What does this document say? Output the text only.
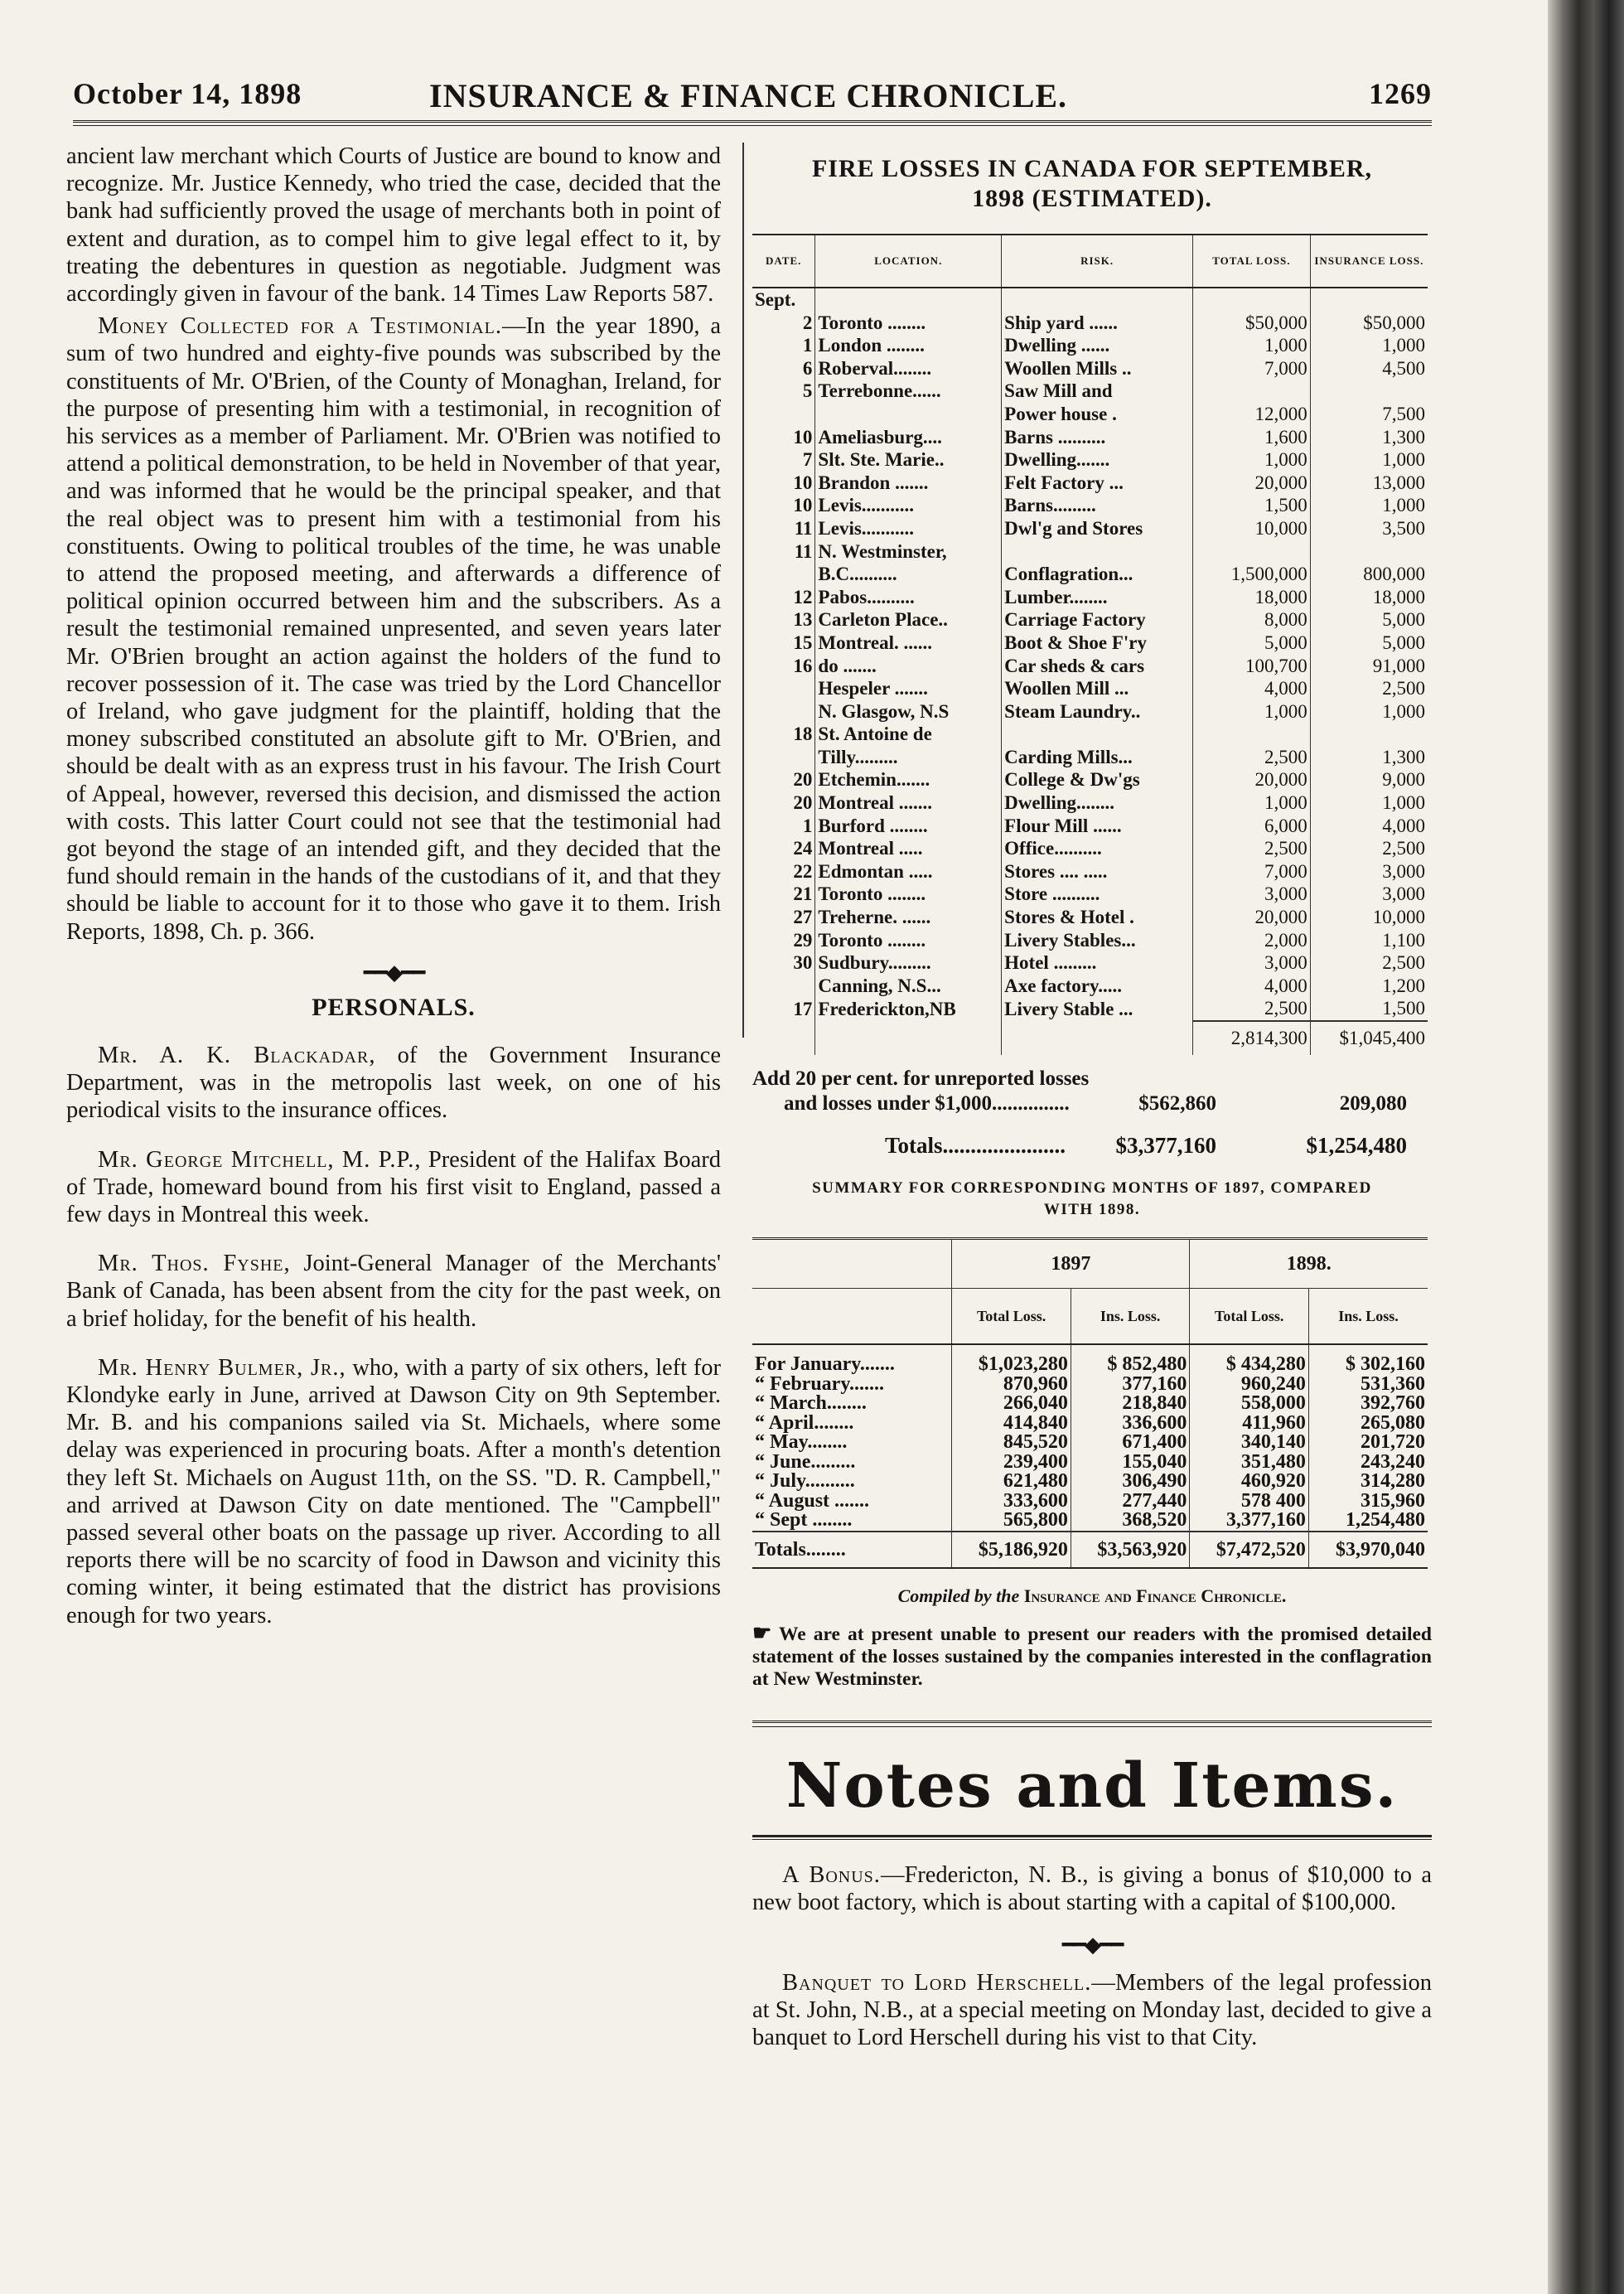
October 14, 1898	INSURANCE & FINANCE CHRONICLE.	1269

ancient law merchant which Courts of Justice are bound to know and recognize. Mr. Justice Kennedy, who tried the case, decided that the bank had sufficiently proved the usage of merchants both in point of extent and duration, as to compel him to give legal effect to it, by treating the debentures in question as negotiable. Judgment was accordingly given in favour of the bank. 14 Times Law Reports 587.

Money Collected for a Testimonial.—In the year 1890, a sum of two hundred and eighty-five pounds was subscribed by the constituents of Mr. O'Brien, of the County of Monaghan, Ireland, for the purpose of presenting him with a testimonial, in recognition of his services as a member of Parliament. Mr. O'Brien was notified to attend a political demonstration, to be held in November of that year, and was informed that he would be the principal speaker, and that the real object was to present him with a testimonial from his constituents. Owing to political troubles of the time, he was unable to attend the proposed meeting, and afterwards a difference of political opinion occurred between him and the subscribers. As a result the testimonial remained unpresented, and seven years later Mr. O'Brien brought an action against the holders of the fund to recover possession of it. The case was tried by the Lord Chancellor of Ireland, who gave judgment for the plaintiff, holding that the money subscribed constituted an absolute gift to Mr. O'Brien, and should be dealt with as an express trust in his favour. The Irish Court of Appeal, however, reversed this decision, and dismissed the action with costs. This latter Court could not see that the testimonial had got beyond the stage of an intended gift, and they decided that the fund should remain in the hands of the custodians of it, and that they should be liable to account for it to those who gave it to them. Irish Reports, 1898, Ch. p. 366.

━━◆━━
PERSONALS.

Mr. A. K. Blackadar, of the Government Insurance Department, was in the metropolis last week, on one of his periodical visits to the insurance offices.

Mr. George Mitchell, M. P.P., President of the Halifax Board of Trade, homeward bound from his first visit to England, passed a few days in Montreal this week.

Mr. Thos. Fyshe, Joint-General Manager of the Merchants' Bank of Canada, has been absent from the city for the past week, on a brief holiday, for the benefit of his health.

Mr. Henry Bulmer, Jr., who, with a party of six others, left for Klondyke early in June, arrived at Dawson City on 9th September. Mr. B. and his companions sailed via St. Michaels, where some delay was experienced in procuring boats. After a month's detention they left St. Michaels on August 11th, on the SS. "D. R. Campbell," and arrived at Dawson City on date mentioned. The "Campbell" passed several other boats on the passage up river. According to all reports there will be no scarcity of food in Dawson and vicinity this coming winter, it being estimated that the district has provisions enough for two years.

FIRE LOSSES IN CANADA FOR SEPTEMBER,
1898 (ESTIMATED).
DATE.	LOCATION.	RISK.	TOTAL LOSS.	INSURANCE LOSS.
Sept.				
2	Toronto ........	Ship yard ......	$50,000	$50,000
1	London ........	Dwelling ......	1,000	1,000
6	Roberval........	Woollen Mills ..	7,000	4,500
5	Terrebonne......	Saw Mill and		
		Power house .	12,000	7,500
10	Ameliasburg....	Barns ..........	1,600	1,300
7	Slt. Ste. Marie..	Dwelling.......	1,000	1,000
10	Brandon .......	Felt Factory ...	20,000	13,000
10	Levis...........	Barns.........	1,500	1,000
11	Levis...........	Dwl'g and Stores	10,000	3,500
11	N. Westminster,			
	B.C..........	Conflagration...	1,500,000	800,000
12	Pabos..........	Lumber........	18,000	18,000
13	Carleton Place..	Carriage Factory	8,000	5,000
15	Montreal. ......	Boot & Shoe F'ry	5,000	5,000
16	do .......	Car sheds & cars	100,700	91,000
	Hespeler .......	Woollen Mill ...	4,000	2,500
	N. Glasgow, N.S	Steam Laundry..	1,000	1,000
18	St. Antoine de			
	Tilly.........	Carding Mills...	2,500	1,300
20	Etchemin.......	College & Dw'gs	20,000	9,000
20	Montreal .......	Dwelling........	1,000	1,000
1	Burford ........	Flour Mill ......	6,000	4,000
24	Montreal .....	Office..........	2,500	2,500
22	Edmontan .....	Stores .... .....	7,000	3,000
21	Toronto ........	Store ..........	3,000	3,000
27	Treherne. ......	Stores & Hotel .	20,000	10,000
29	Toronto ........	Livery Stables...	2,000	1,100
30	Sudbury.........	Hotel .........	3,000	2,500
	Canning, N.S...	Axe factory.....	4,000	1,200
17	Frederickton,NB	Livery Stable ...	2,500	1,500
			2,814,300	$1,045,400
Add 20 per cent. for unreported losses
and losses under $1,000...............	$562,860	209,080
Totals...................... $3,377,160	$1,254,480
SUMMARY FOR CORRESPONDING MONTHS OF 1897, COMPARED
WITH 1898.
	1897		1898.	
	Total Loss.	Ins. Loss.	Total Loss.	Ins. Loss.
For January.......	$1,023,280	$ 852,480	$ 434,280	$ 302,160
“ February.......	870,960	377,160	960,240	531,360
“ March........	266,040	218,840	558,000	392,760
“ April........	414,840	336,600	411,960	265,080
“ May........	845,520	671,400	340,140	201,720
“ June.........	239,400	155,040	351,480	243,240
“ July..........	621,480	306,490	460,920	314,280
“ August .......	333,600	277,440	578 400	315,960
“ Sept ........	565,800	368,520	3,377,160	1,254,480
Totals........	$5,186,920	$3,563,920	$7,472,520	$3,970,040
Compiled by the Insurance and Finance Chronicle.
☛ We are at present unable to present our readers with the promised detailed statement of the losses sustained by the companies interested in the conflagration at New Westminster.
Notes and Items.

A Bonus.—Fredericton, N. B., is giving a bonus of $10,000 to a new boot factory, which is about starting with a capital of $100,000.

━━◆━━

Banquet to Lord Herschell.—Members of the legal profession at St. John, N.B., at a special meeting on Monday last, decided to give a banquet to Lord Herschell during his vist to that City.
